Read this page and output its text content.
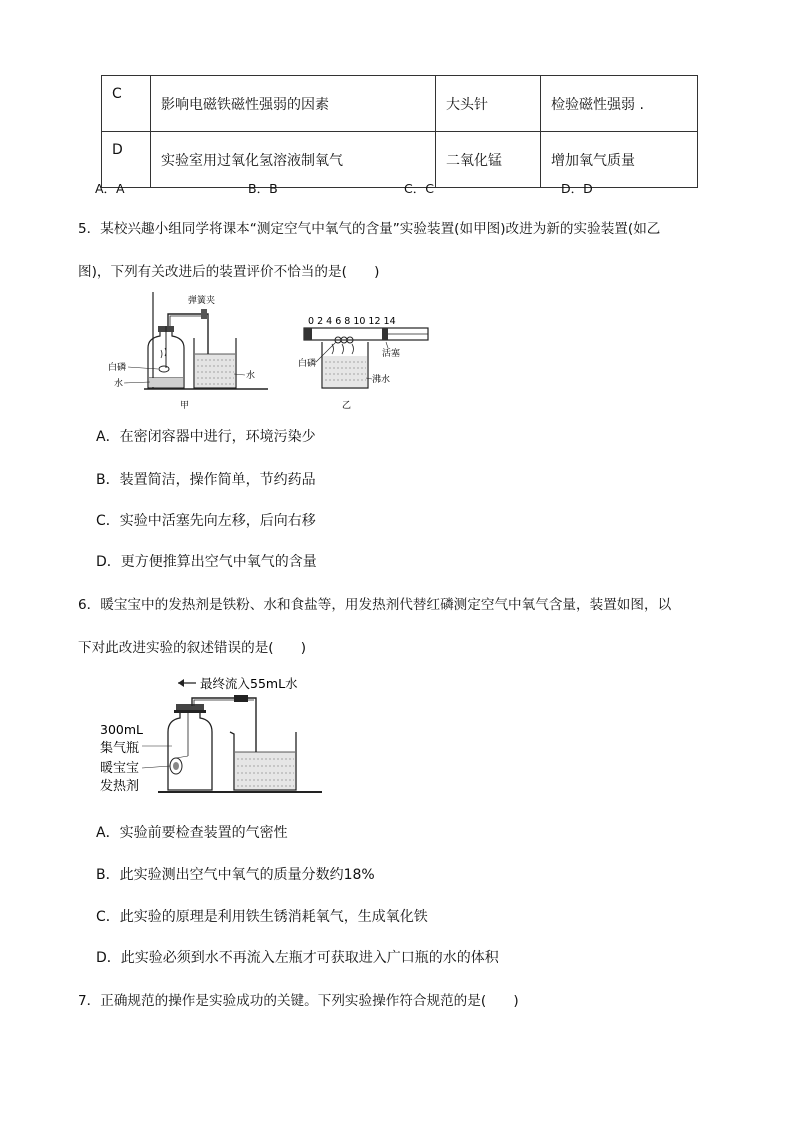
C	影响电磁铁磁性强弱的因素	大头针	检验磁性强弱 .
D	实验室用过氧化氢溶液制氧气	二氧化锰	增加氧气质量
A．A	B．B	C．C	D．D
5．某校兴趣小组同学将课本“测定空气中氧气的含量”实验装置(如甲图)改进为新的实验装置(如乙
图)，下列有关改进后的装置评价不恰当的是(　　)
弹簧夹
白磷
水
水
甲
0 2 4 6 8 10 12 14
白磷
活塞
沸水
乙
A．在密闭容器中进行，环境污染少
B．装置简洁，操作简单，节约药品
C．实验中活塞先向左移，后向右移
D．更方便推算出空气中氧气的含量
6．暖宝宝中的发热剂是铁粉、水和食盐等，用发热剂代替红磷测定空气中氧气含量，装置如图，以
下对此改进实验的叙述错误的是(　　)
最终流入55mL水
300mL
集气瓶
暖宝宝
发热剂
A．实验前要检查装置的气密性
B．此实验测出空气中氧气的质量分数约18%
C．此实验的原理是利用铁生锈消耗氧气，生成氧化铁
D．此实验必须到水不再流入左瓶才可获取进入广口瓶的水的体积
7．正确规范的操作是实验成功的关键。下列实验操作符合规范的是(　　)
